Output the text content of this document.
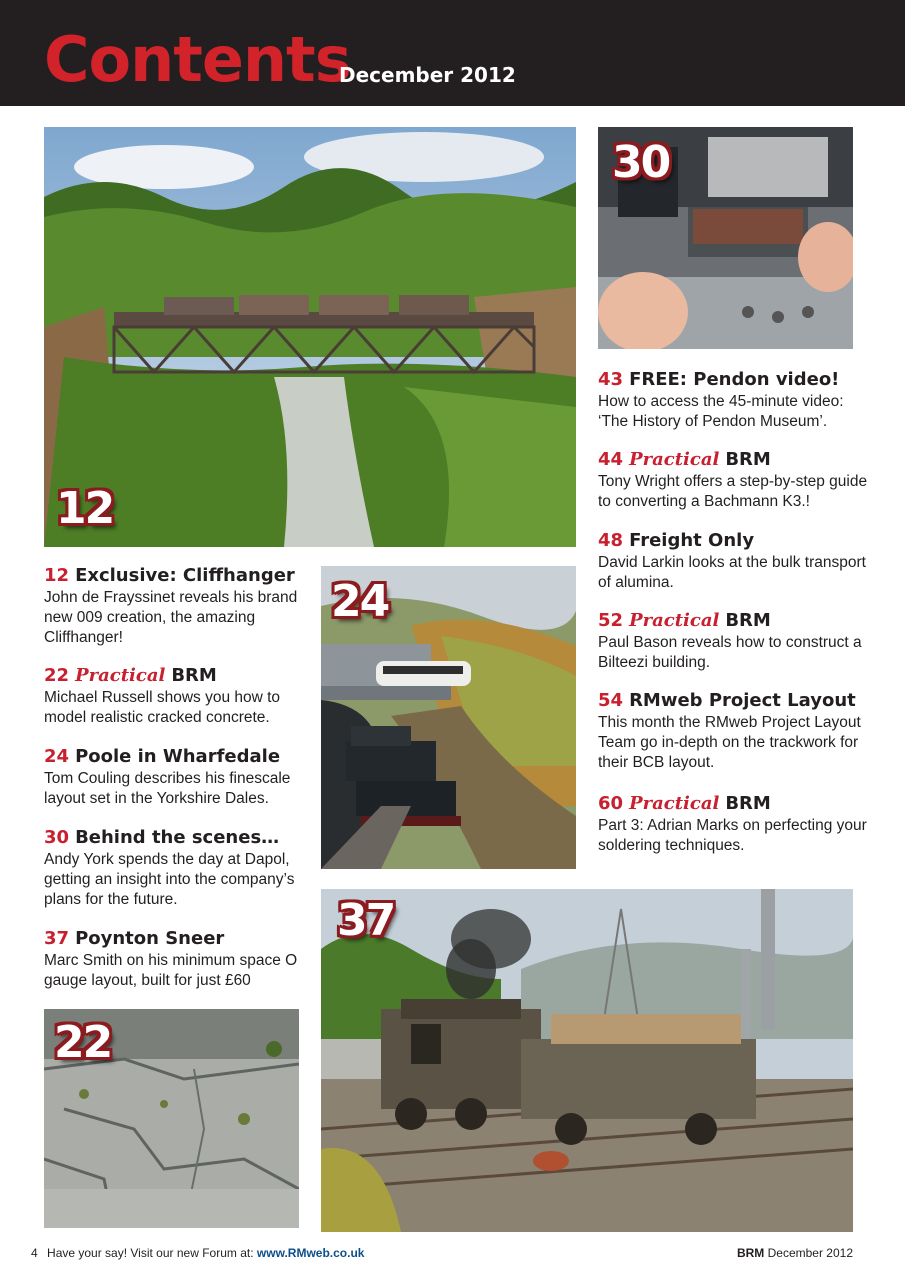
Contents
December 2012
12
30
24
37
22
12 Exclusive: Cliffhanger
John de Frayssinet reveals his brand new 009 creation, the amazing Cliffhanger!
22 Practical BRM
Michael Russell shows you how to model realistic cracked concrete.
24 Poole in Wharfedale
Tom Couling describes his finescale layout set in the Yorkshire Dales.
30 Behind the scenes…
Andy York spends the day at Dapol, getting an insight into the company’s plans for the future.
37 Poynton Sneer
Marc Smith on his minimum space O gauge layout, built for just £60
43 FREE: Pendon video!
How to access the 45-minute video: ‘The History of Pendon Museum’.
44 Practical BRM
Tony Wright offers a step-by-step guide to converting a Bachmann K3.!
48 Freight Only
David Larkin looks at the bulk transport of alumina.
52 Practical BRM
Paul Bason reveals how to construct a Bilteezi building.
54 RMweb Project Layout
This month the RMweb Project Layout Team go in-depth on the trackwork for their BCB layout.
60 Practical BRM
Part 3: Adrian Marks on perfecting your soldering techniques.
4 Have your say! Visit our new Forum at: www.RMweb.co.uk	BRM December 2012
